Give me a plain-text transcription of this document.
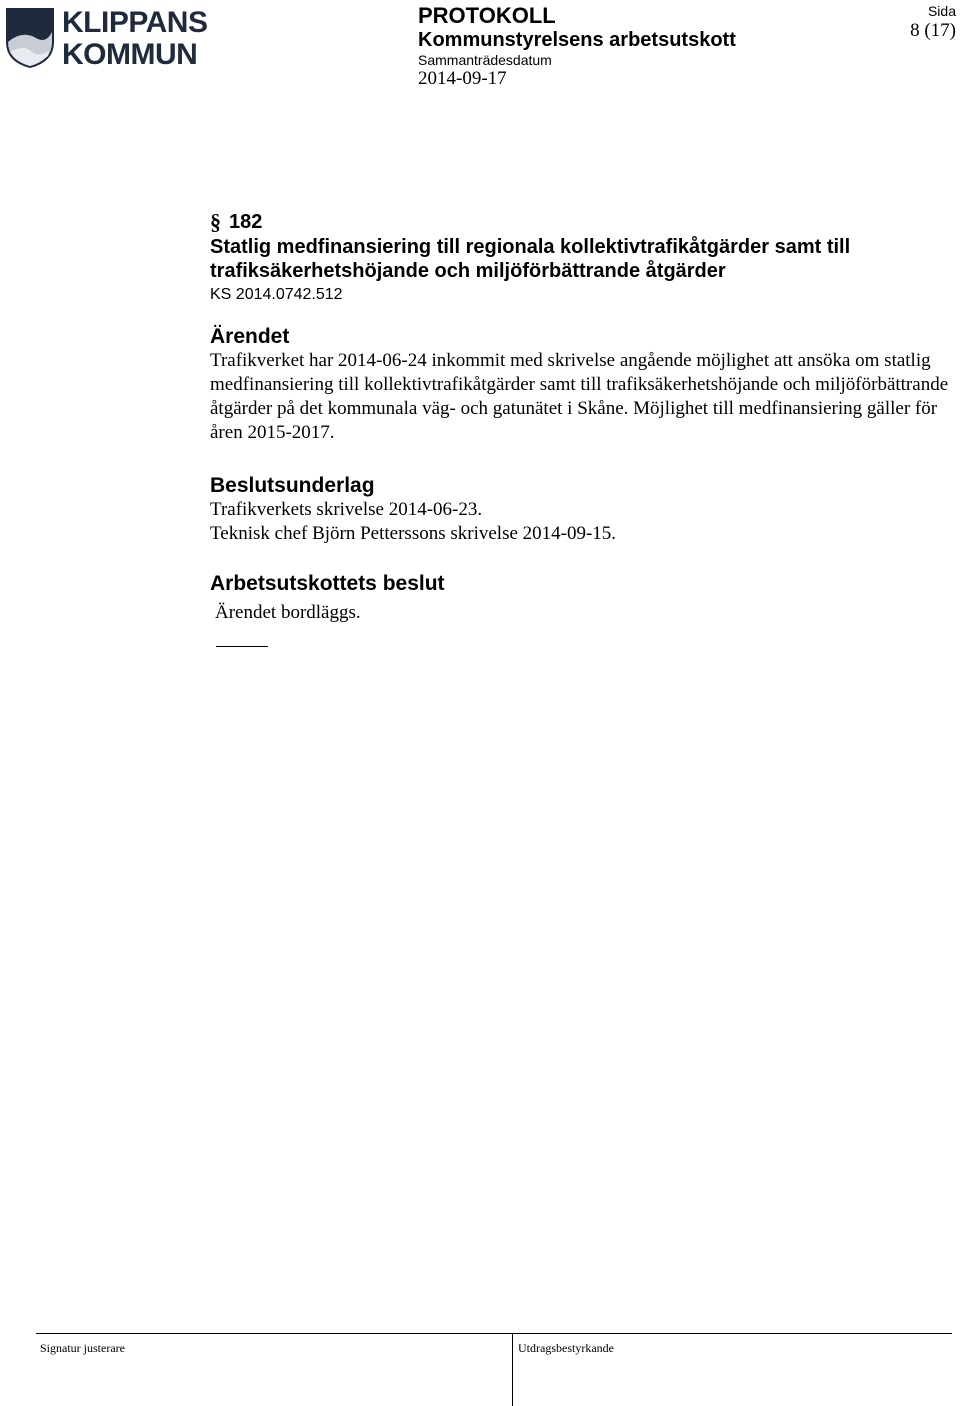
KLIPPANS
KOMMUN
PROTOKOLL
Kommunstyrelsens arbetsutskott
Sammanträdesdatum
2014-09-17
Sida
8 (17)
§ 182
Statlig medfinansiering till regionala kollektivtrafikåtgärder samt till trafiksäkerhetshöjande och miljöförbättrande åtgärder
KS 2014.0742.512
Ärendet
Trafikverket har 2014-06-24 inkommit med skrivelse angående möjlighet att ansöka om statlig medfinansiering till kollektivtrafikåtgärder samt till trafiksäkerhetshöjande och miljöförbättrande åtgärder på det kommunala väg- och gatunätet i Skåne. Möjlighet till medfinansiering gäller för åren 2015-2017.
Beslutsunderlag
Trafikverkets skrivelse 2014-06-23.
Teknisk chef Björn Petterssons skrivelse 2014-09-15.
Arbetsutskottets beslut
Ärendet bordläggs.
Signatur justerare	Utdragsbestyrkande
